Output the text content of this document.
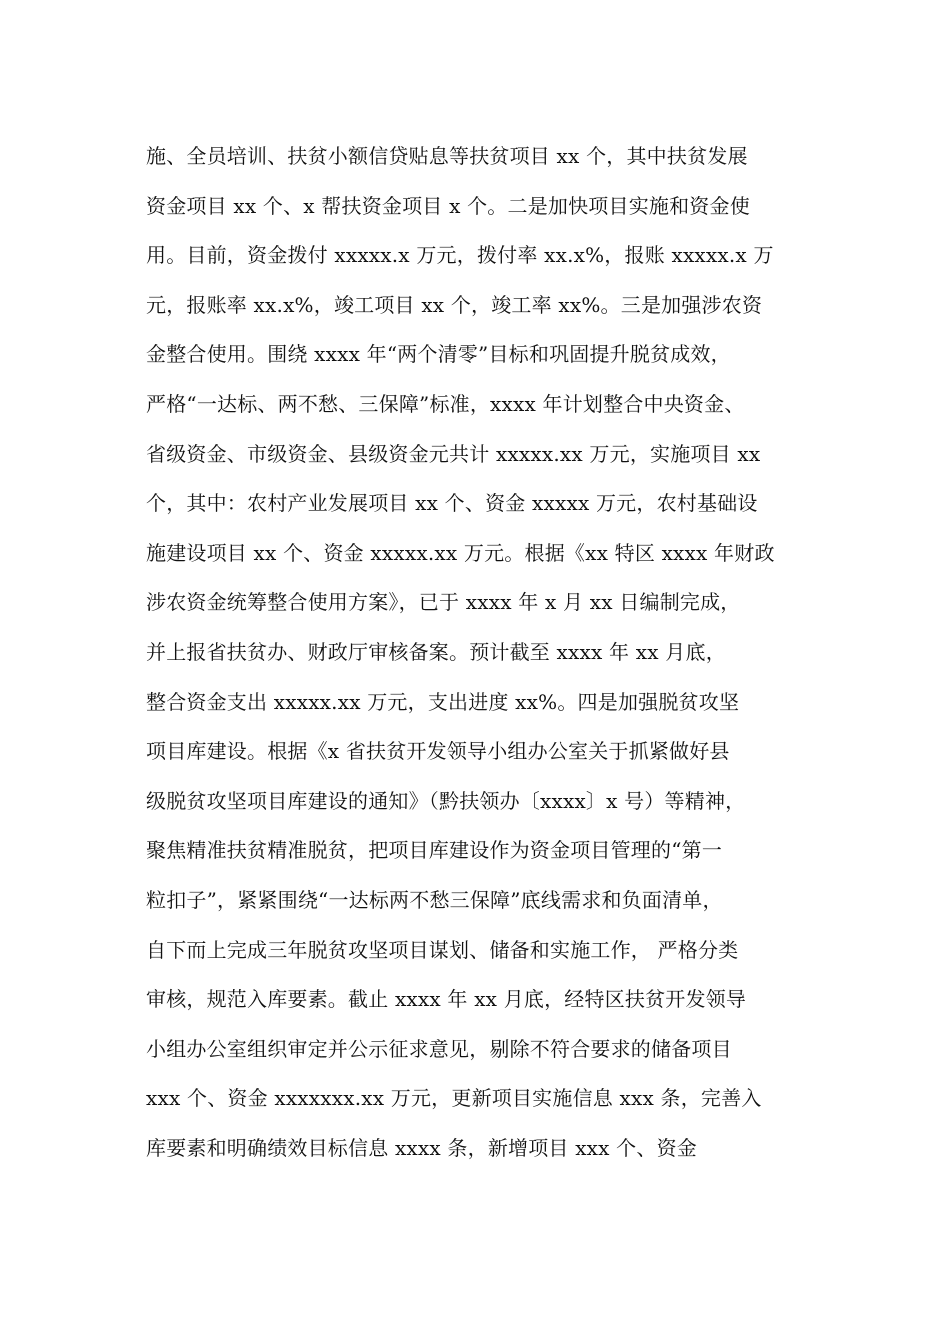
施、全员培训、扶贫小额信贷贴息等扶贫项目 xx 个，其中扶贫发展
资金项目 xx 个、x 帮扶资金项目 x 个。二是加快项目实施和资金使
用。目前，资金拨付 xxxxx.x 万元，拨付率 xx.x%，报账 xxxxx.x 万
元，报账率 xx.x%，竣工项目 xx 个，竣工率 xx%。三是加强涉农资
金整合使用。围绕 xxxx 年“两个清零”目标和巩固提升脱贫成效，
严格“一达标、两不愁、三保障”标准，xxxx 年计划整合中央资金、
省级资金、市级资金、县级资金元共计 xxxxx.xx 万元，实施项目 xx
个，其中：农村产业发展项目 xx 个、资金 xxxxx 万元，农村基础设
施建设项目 xx 个、资金 xxxxx.xx 万元。根据《xx 特区 xxxx 年财政
涉农资金统筹整合使用方案》，已于 xxxx 年 x 月 xx 日编制完成，
并上报省扶贫办、财政厅审核备案。预计截至 xxxx 年 xx 月底，
整合资金支出 xxxxx.xx 万元，支出进度 xx%。四是加强脱贫攻坚
项目库建设。根据《x 省扶贫开发领导小组办公室关于抓紧做好县
级脱贫攻坚项目库建设的通知》（黔扶领办〔xxxx〕x 号）等精神，
聚焦精准扶贫精准脱贫，把项目库建设作为资金项目管理的“第一
粒扣子”，紧紧围绕“一达标两不愁三保障”底线需求和负面清单，
自下而上完成三年脱贫攻坚项目谋划、储备和实施工作， 严格分类
审核，规范入库要素。截止 xxxx 年 xx 月底，经特区扶贫开发领导
小组办公室组织审定并公示征求意见，剔除不符合要求的储备项目
xxx 个、资金 xxxxxxx.xx 万元，更新项目实施信息 xxx 条，完善入
库要素和明确绩效目标信息 xxxx 条，新增项目 xxx 个、资金
